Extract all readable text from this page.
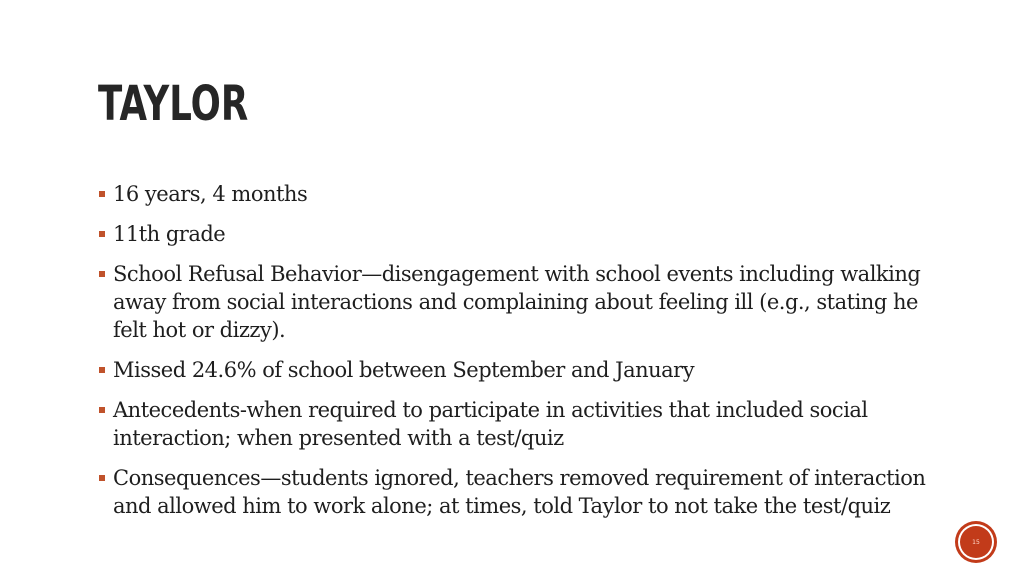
TAYLOR
16 years, 4 months
11th grade
School Refusal Behavior—disengagement with school events including walking away from social interactions and complaining about feeling ill (e.g., stating he felt hot or dizzy).
Missed 24.6% of school between September and January
Antecedents-when required to participate in activities that included social interaction; when presented with a test/quiz
Consequences—students ignored, teachers removed requirement of interaction and allowed him to work alone; at times, told Taylor to not take the test/quiz
15
